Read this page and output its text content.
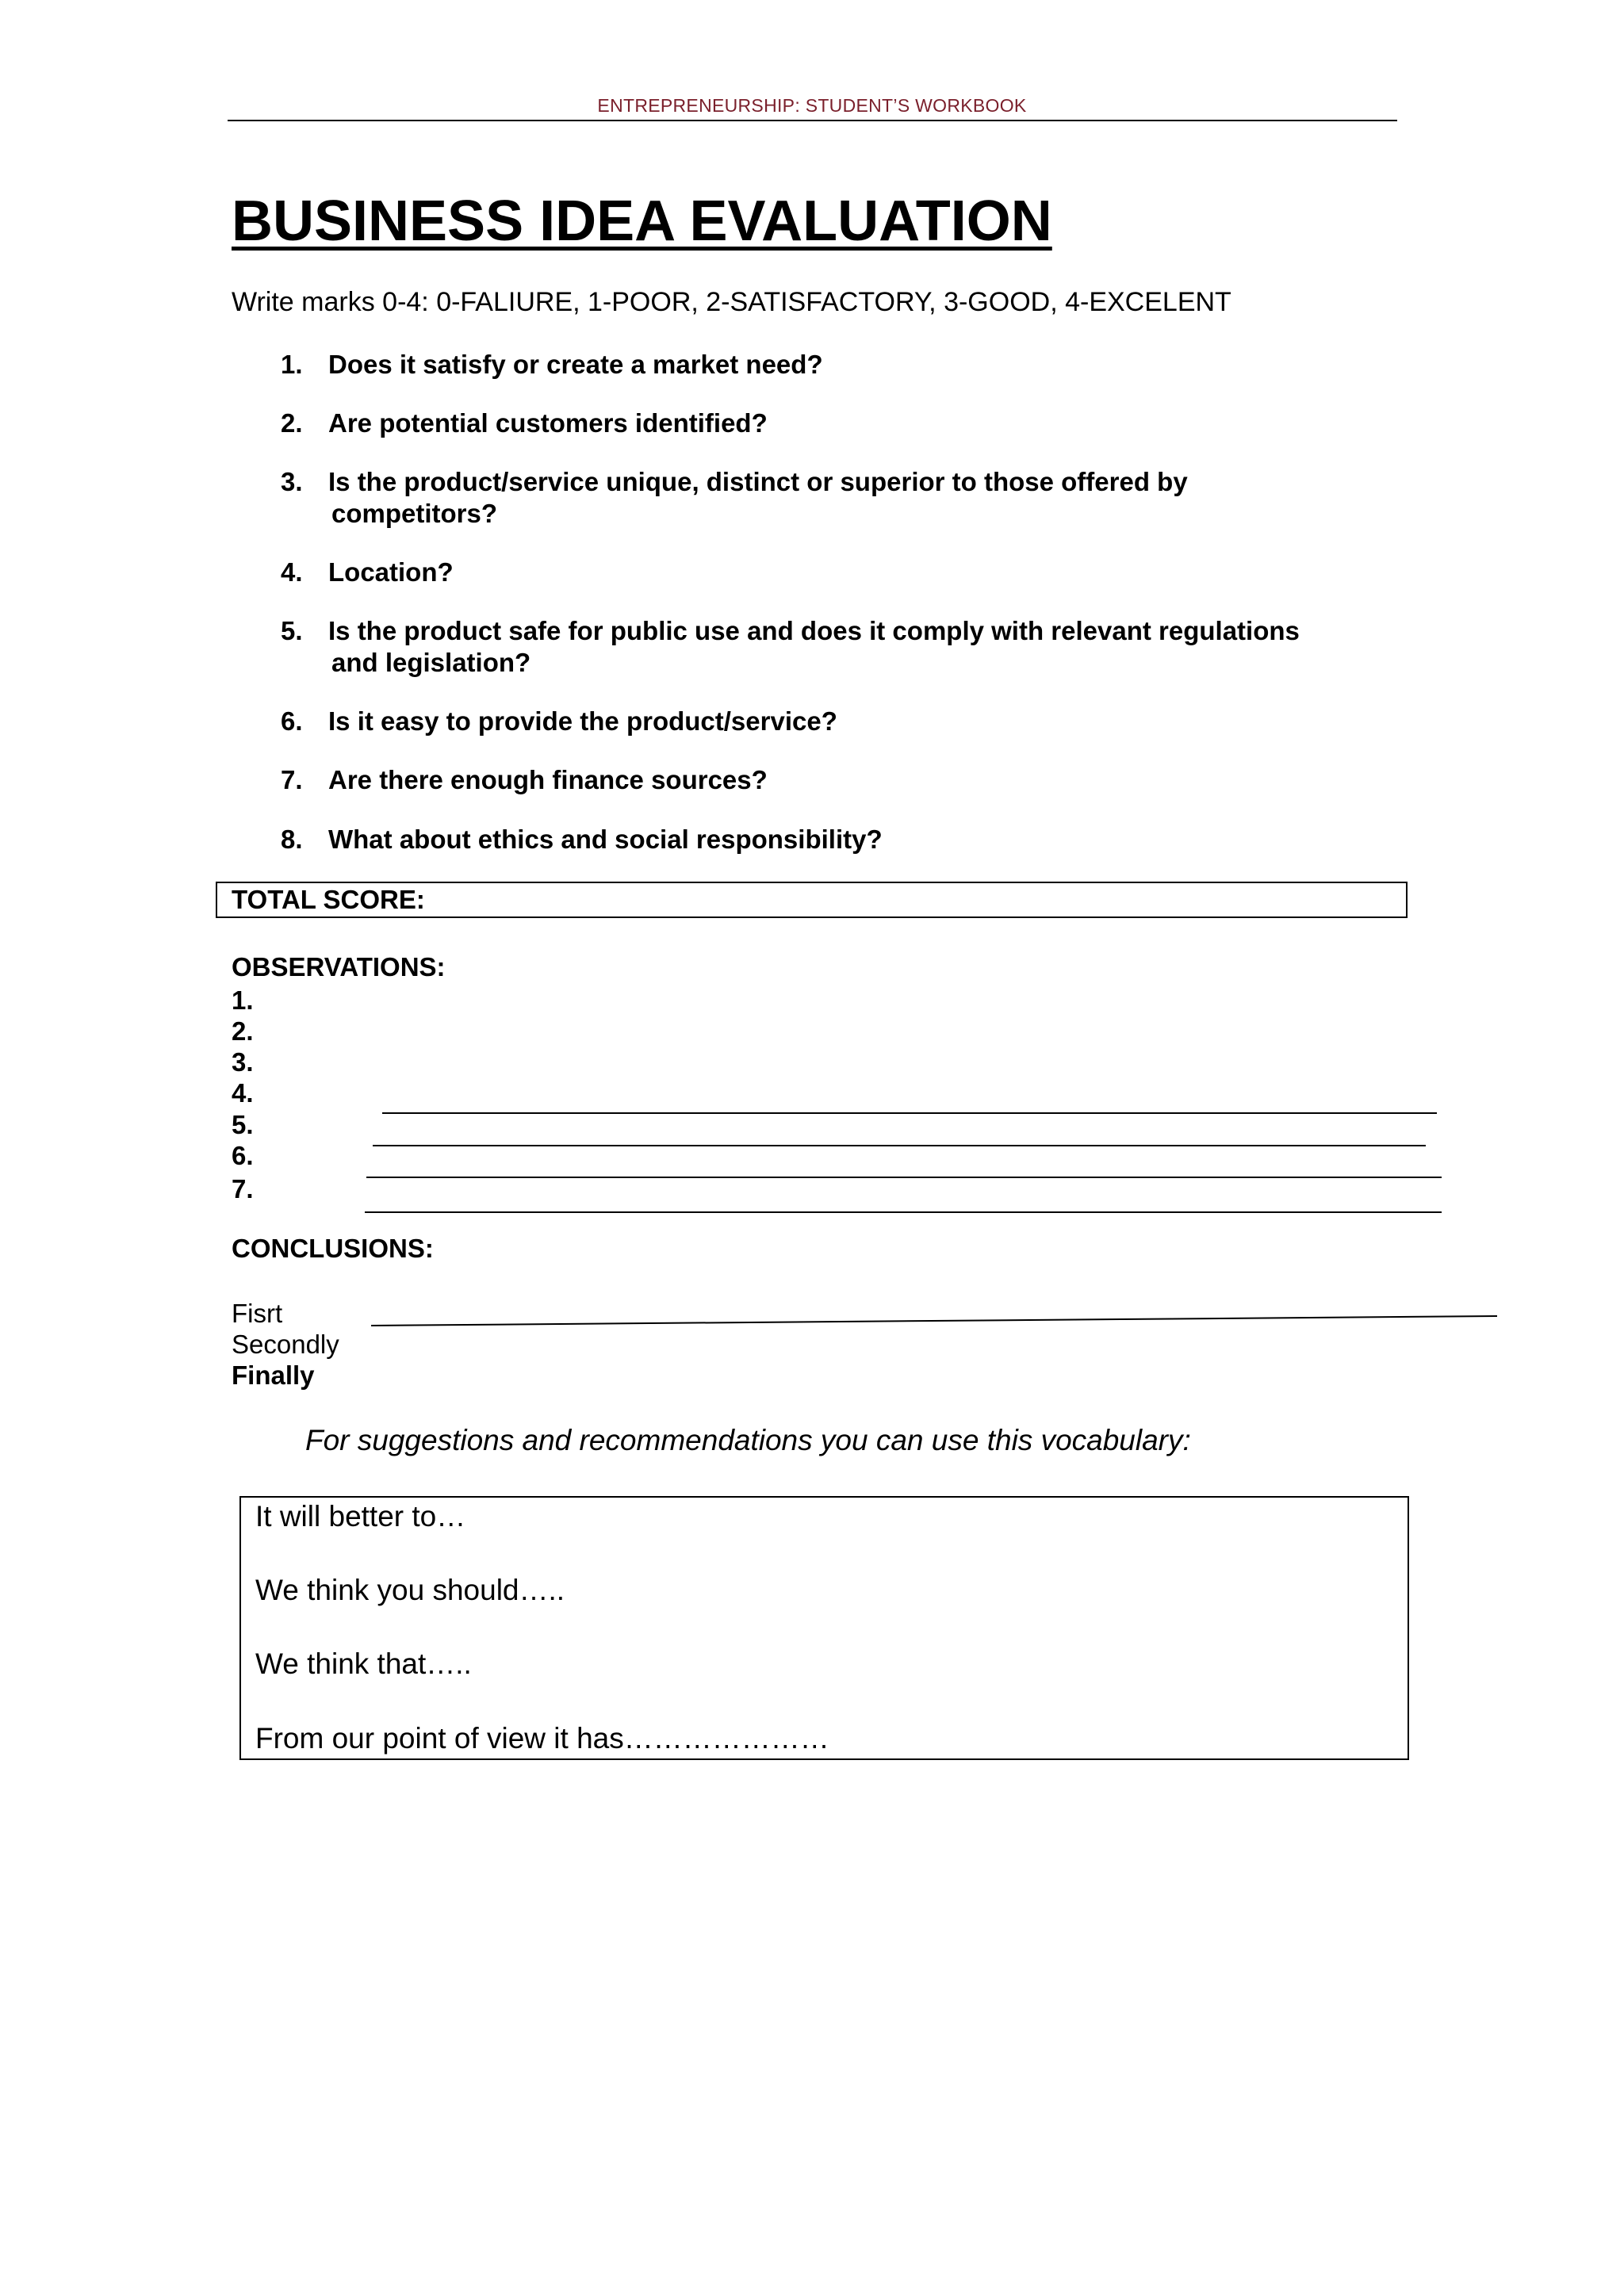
ENTREPRENEURSHIP: STUDENT’S WORKBOOK
BUSINESS IDEA EVALUATION
Write marks 0-4: 0-FALIURE, 1-POOR, 2-SATISFACTORY, 3-GOOD, 4-EXCELENT
1. Does it satisfy or create a market need?
2. Are potential customers identified?
3. Is the product/service unique, distinct or superior to those offered by
competitors?
4. Location?
5. Is the product safe for public use and does it comply with relevant regulations
and legislation?
6. Is it easy to provide the product/service?
7. Are there enough finance sources?
8. What about ethics and social responsibility?
TOTAL SCORE:
OBSERVATIONS:
1.
2.
3.
4.
5.
6.
7.
CONCLUSIONS:
Fisrt
Secondly
Finally
For suggestions and recommendations you can use this vocabulary:
It will better to…
We think you should…..
We think that…..
From our point of view it has…………………
